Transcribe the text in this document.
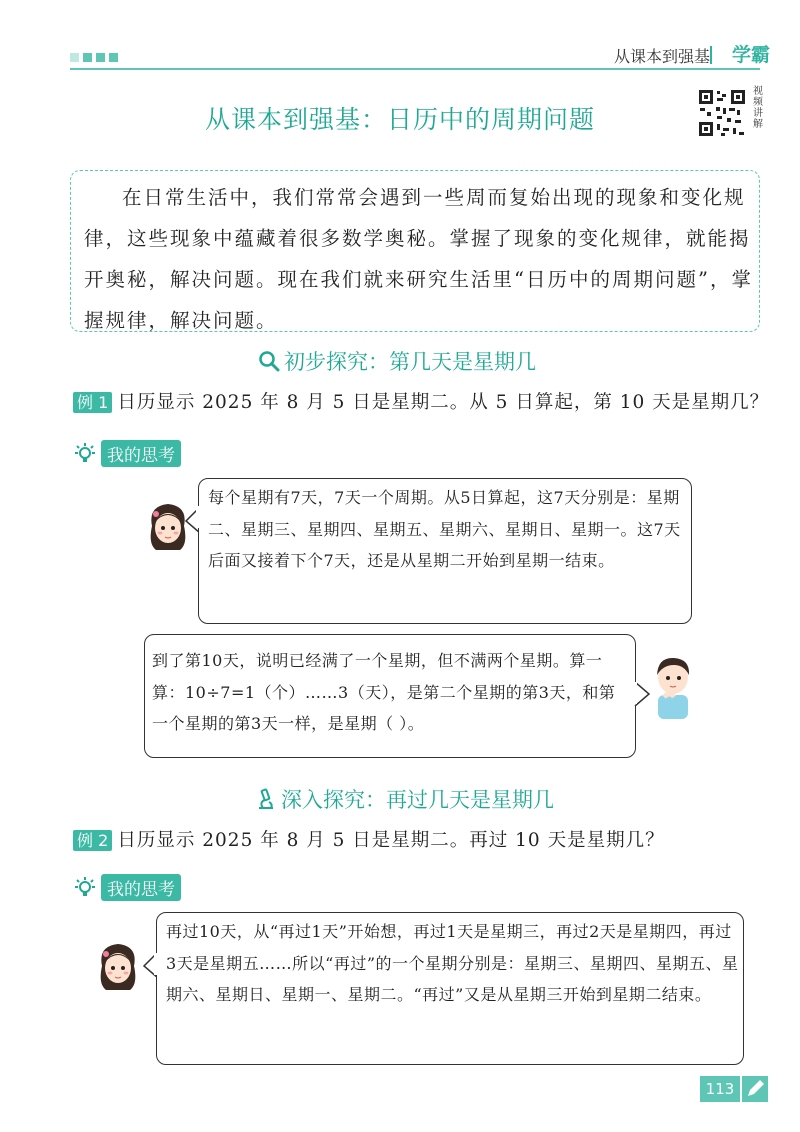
从课本到强基 学霸
从课本到强基：日历中的周期问题
视频讲解
在日常生活中，我们常常会遇到一些周而复始出现的现象和变化规律，这些现象中蕴藏着很多数学奥秘。掌握了现象的变化规律，就能揭开奥秘，解决问题。现在我们就来研究生活里“日历中的周期问题”，掌握规律，解决问题。
初步探究：第几天是星期几
例 1 日历显示 2025 年 8 月 5 日是星期二。从 5 日算起，第 10 天是星期几？
我的思考
每个星期有7天，7天一个周期。从5日算起，这7天分别是：星期二、星期三、星期四、星期五、星期六、星期日、星期一。这7天后面又接着下个7天，还是从星期二开始到星期一结束。
到了第10天，说明已经满了一个星期，但不满两个星期。算一算：10÷7=1（个）……3（天），是第二个星期的第3天，和第一个星期的第3天一样，是星期（ ）。
深入探究：再过几天是星期几
例 2 日历显示 2025 年 8 月 5 日是星期二。再过 10 天是星期几？
我的思考
再过10天，从“再过1天”开始想，再过1天是星期三，再过2天是星期四，再过3天是星期五……所以“再过”的一个星期分别是：星期三、星期四、星期五、星期六、星期日、星期一、星期二。“再过”又是从星期三开始到星期二结束。
113
